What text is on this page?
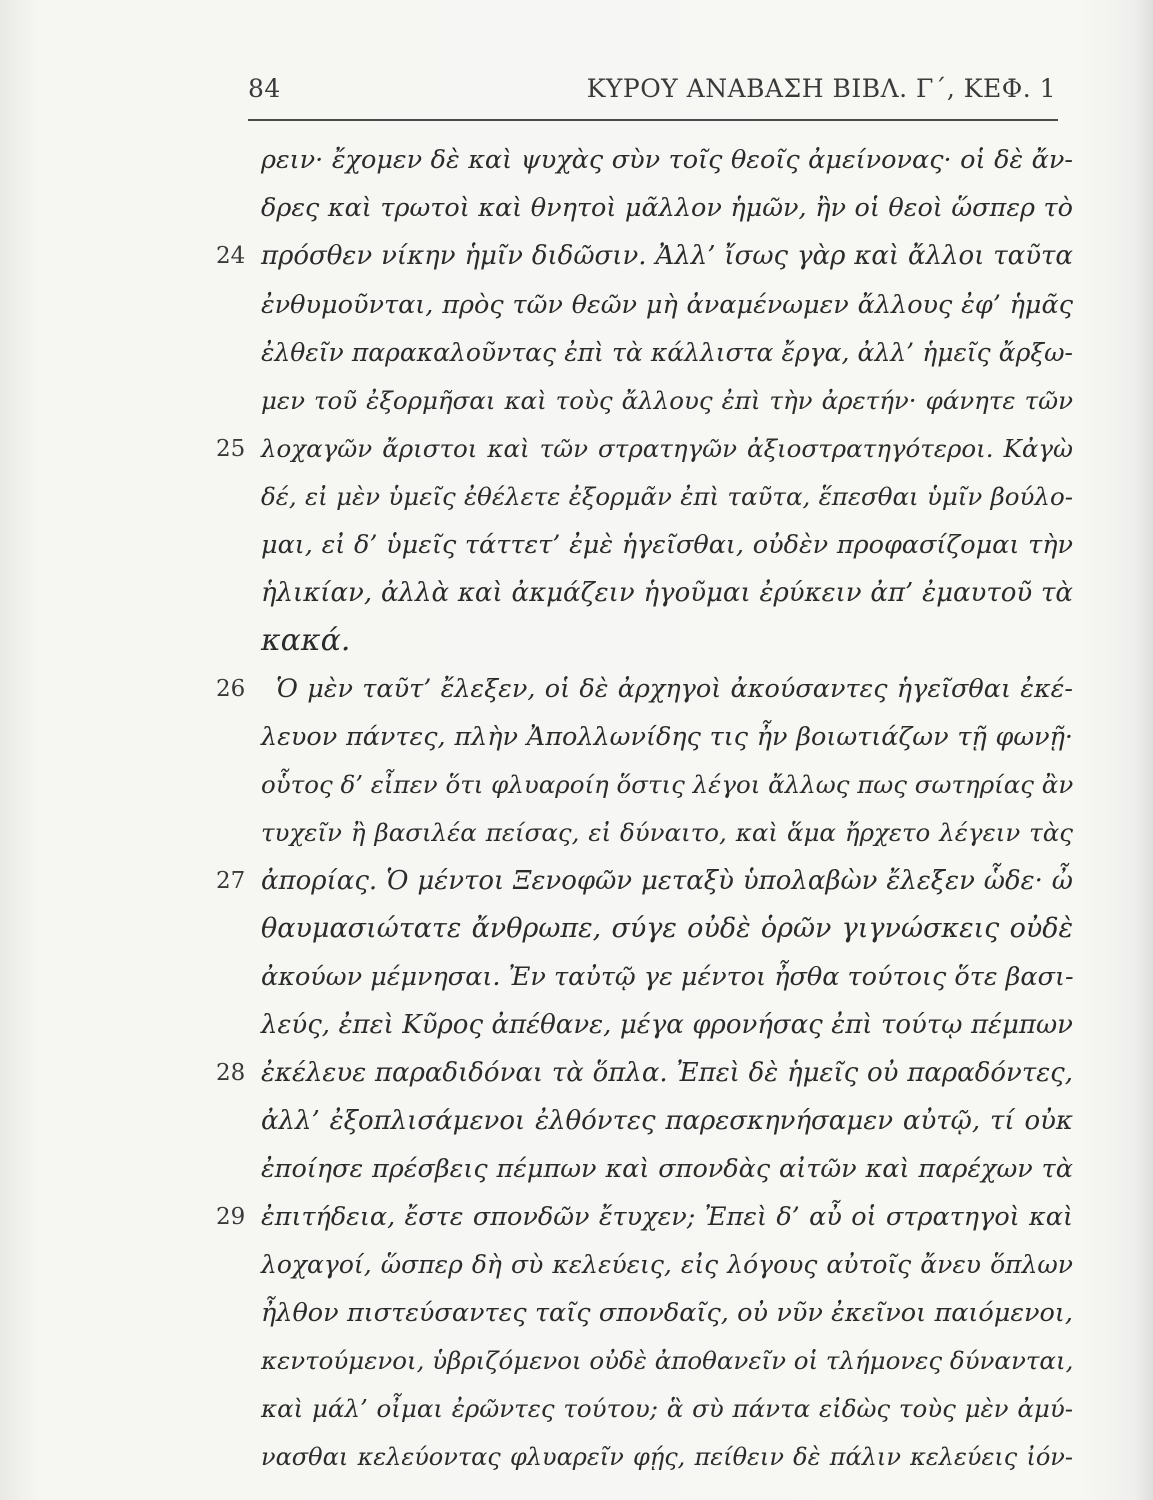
84	ΚΥΡΟΥ ΑΝΑΒΑΣΗ ΒΙΒΛ. Γ΄, ΚΕΦ. 1
ρειν· ἔχομεν δὲ καὶ ψυχὰς σὺν τοῖς θεοῖς ἀμείνονας· οἱ δὲ ἄν-
δρες καὶ τρωτοὶ καὶ θνητοὶ μᾶλλον ἡμῶν, ἢν οἱ θεοὶ ὥσπερ τὸ
24 πρόσθεν νίκην ἡμῖν διδῶσιν. Ἀλλ’ ἴσως γὰρ καὶ ἄλλοι ταῦτα
ἐνθυμοῦνται, πρὸς τῶν θεῶν μὴ ἀναμένωμεν ἄλλους ἐφ’ ἡμᾶς
ἐλθεῖν παρακαλοῦντας ἐπὶ τὰ κάλλιστα ἔργα, ἀλλ’ ἡμεῖς ἄρξω-
μεν τοῦ ἐξορμῆσαι καὶ τοὺς ἄλλους ἐπὶ τὴν ἀρετήν· φάνητε τῶν
25 λοχαγῶν ἄριστοι καὶ τῶν στρατηγῶν ἀξιοστρατηγότεροι. Κἀγὼ
δέ, εἰ μὲν ὑμεῖς ἐθέλετε ἐξορμᾶν ἐπὶ ταῦτα, ἕπεσθαι ὑμῖν βούλο-
μαι, εἰ δ’ ὑμεῖς τάττετ’ ἐμὲ ἡγεῖσθαι, οὐδὲν προφασίζομαι τὴν
ἡλικίαν, ἀλλὰ καὶ ἀκμάζειν ἡγοῦμαι ἐρύκειν ἀπ’ ἐμαυτοῦ τὰ
κακά.
26 Ὁ μὲν ταῦτ’ ἔλεξεν, οἱ δὲ ἀρχηγοὶ ἀκούσαντες ἡγεῖσθαι ἐκέ-
λευον πάντες, πλὴν Ἀπολλωνίδης τις ἦν βοιωτιάζων τῇ φωνῇ·
οὗτος δ’ εἶπεν ὅτι φλυαροίη ὅστις λέγοι ἄλλως πως σωτηρίας ἂν
τυχεῖν ἢ βασιλέα πείσας, εἰ δύναιτο, καὶ ἅμα ἤρχετο λέγειν τὰς
27 ἀπορίας. Ὁ μέντοι Ξενοφῶν μεταξὺ ὑπολαβὼν ἔλεξεν ὧδε· ὦ
θαυμασιώτατε ἄνθρωπε, σύγε οὐδὲ ὁρῶν γιγνώσκεις οὐδὲ
ἀκούων μέμνησαι. Ἐν ταὐτῷ γε μέντοι ἦσθα τούτοις ὅτε βασι-
λεύς, ἐπεὶ Κῦρος ἀπέθανε, μέγα φρονήσας ἐπὶ τούτῳ πέμπων
28 ἐκέλευε παραδιδόναι τὰ ὅπλα. Ἐπεὶ δὲ ἡμεῖς οὐ παραδόντες,
ἀλλ’ ἐξοπλισάμενοι ἐλθόντες παρεσκηνήσαμεν αὐτῷ, τί οὐκ
ἐποίησε πρέσβεις πέμπων καὶ σπονδὰς αἰτῶν καὶ παρέχων τὰ
29 ἐπιτήδεια, ἔστε σπονδῶν ἔτυχεν; Ἐπεὶ δ’ αὖ οἱ στρατηγοὶ καὶ
λοχαγοί, ὥσπερ δὴ σὺ κελεύεις, εἰς λόγους αὐτοῖς ἄνευ ὅπλων
ἦλθον πιστεύσαντες ταῖς σπονδαῖς, οὐ νῦν ἐκεῖνοι παιόμενοι,
κεντούμενοι, ὑβριζόμενοι οὐδὲ ἀποθανεῖν οἱ τλήμονες δύνανται,
καὶ μάλ’ οἶμαι ἐρῶντες τούτου; ἃ σὺ πάντα εἰδὼς τοὺς μὲν ἀμύ-
νασθαι κελεύοντας φλυαρεῖν φῄς, πείθειν δὲ πάλιν κελεύεις ἰόν-
